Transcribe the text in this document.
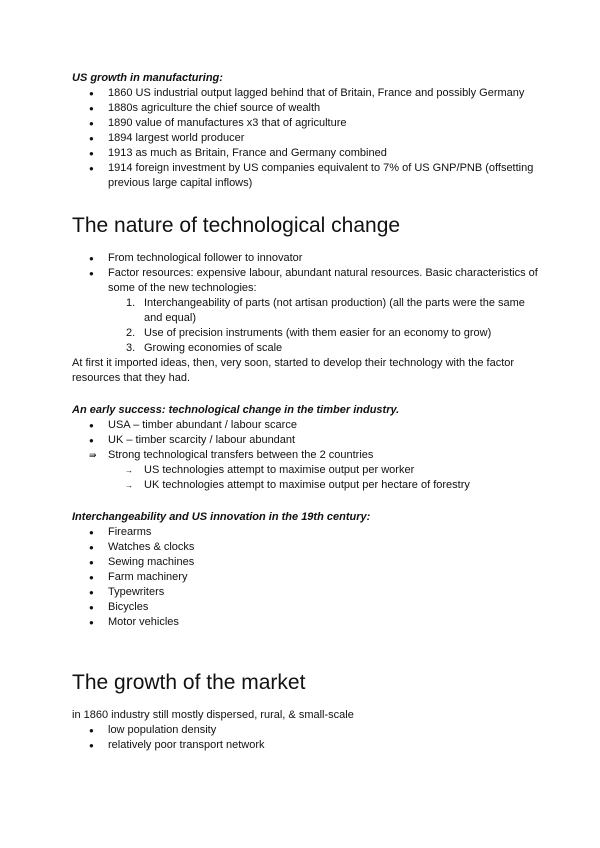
US growth in manufacturing:
● 1860 US industrial output lagged behind that of Britain, France and possibly Germany
● 1880s agriculture the chief source of wealth
● 1890 value of manufactures x3 that of agriculture
● 1894 largest world producer
● 1913 as much as Britain, France and Germany combined
● 1914 foreign investment by US companies equivalent to 7% of US GNP/PNB (offsetting previous large capital inflows)
The nature of technological change
● From technological follower to innovator
● Factor resources: expensive labour, abundant natural resources. Basic characteristics of some of the new technologies:
1. Interchangeability of parts (not artisan production) (all the parts were the same and equal)
2. Use of precision instruments (with them easier for an economy to grow)
3. Growing economies of scale

At first it imported ideas, then, very soon, started to develop their technology with the factor resources that they had.

An early success: technological change in the timber industry.
● USA – timber abundant / labour scarce
● UK – timber scarcity / labour abundant
⇛ Strong technological transfers between the 2 countries
→ US technologies attempt to maximise output per worker
→ UK technologies attempt to maximise output per hectare of forestry
Interchangeability and US innovation in the 19th century:
● Firearms
● Watches & clocks
● Sewing machines
● Farm machinery
● Typewriters
● Bicycles
● Motor vehicles
The growth of the market

in 1860 industry still mostly dispersed, rural, & small-scale

● low population density
● relatively poor transport network
